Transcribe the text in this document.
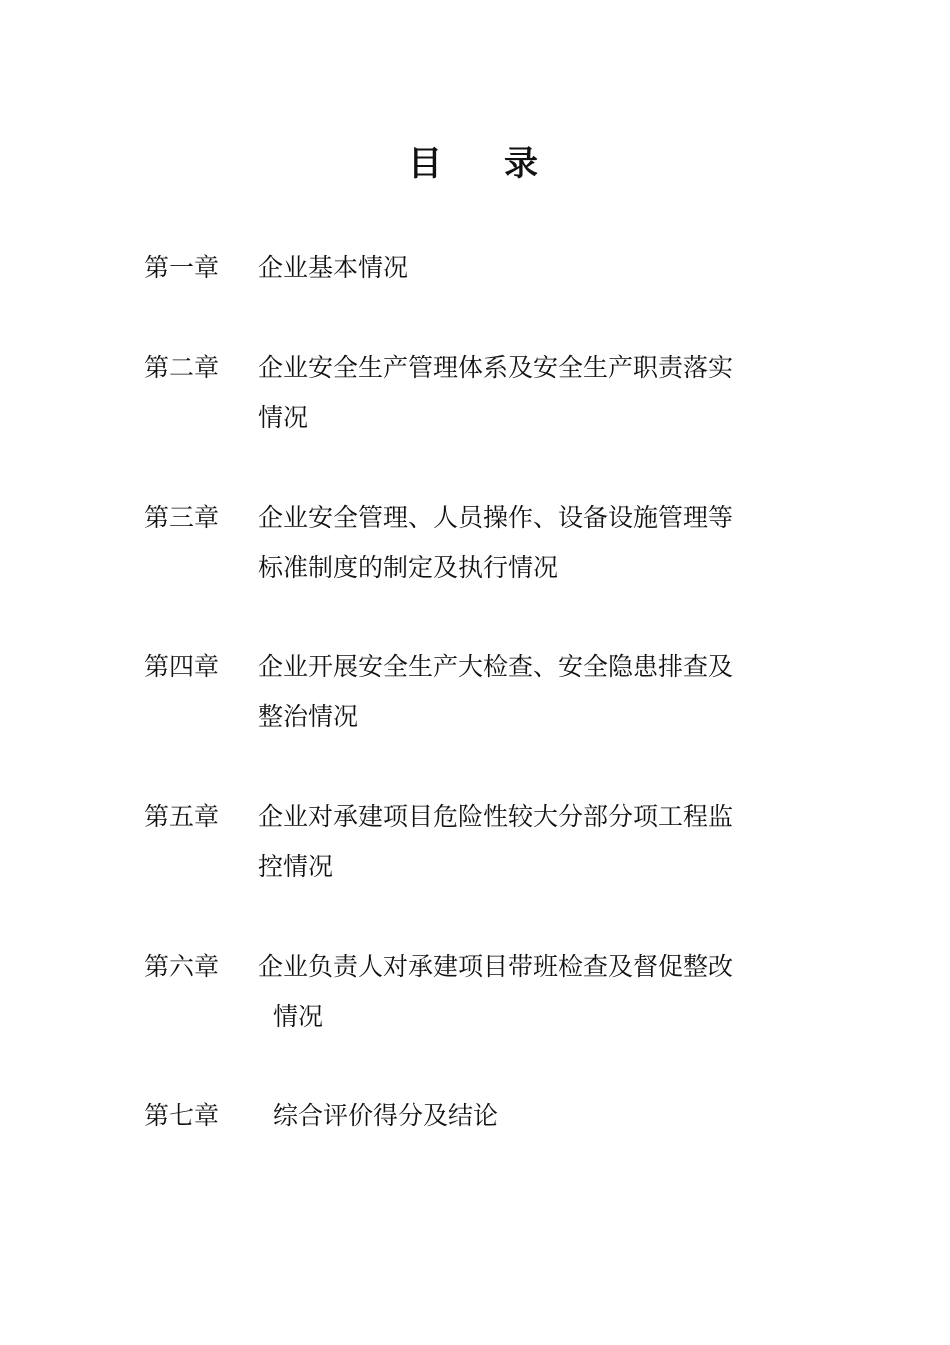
目 录
第一章 企业基本情况
第二章 企业安全生产管理体系及安全生产职责落实
情况
第三章 企业安全管理、人员操作、设备设施管理等
标准制度的制定及执行情况
第四章 企业开展安全生产大检查、安全隐患排查及
整治情况
第五章 企业对承建项目危险性较大分部分项工程监
控情况
第六章 企业负责人对承建项目带班检查及督促整改
情况
第七章	综合评价得分及结论
